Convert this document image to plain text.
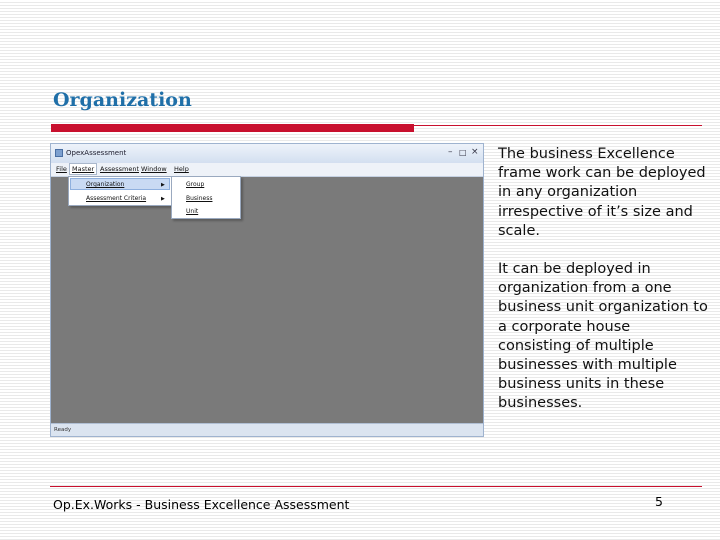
Organization
OpexAssessment	– □ ×
File Master Assessment Window	Help
Organization	▶
Assessment Criteria	▶
Group
Business
Unit
Ready
The business Excellence frame work can be deployed in any organization irrespective of it’s size and scale.
It can be deployed in organization from a one business unit organization to a corporate house consisting of multiple businesses with multiple business units in these businesses.
Op.Ex.Works - Business Excellence Assessment	5
